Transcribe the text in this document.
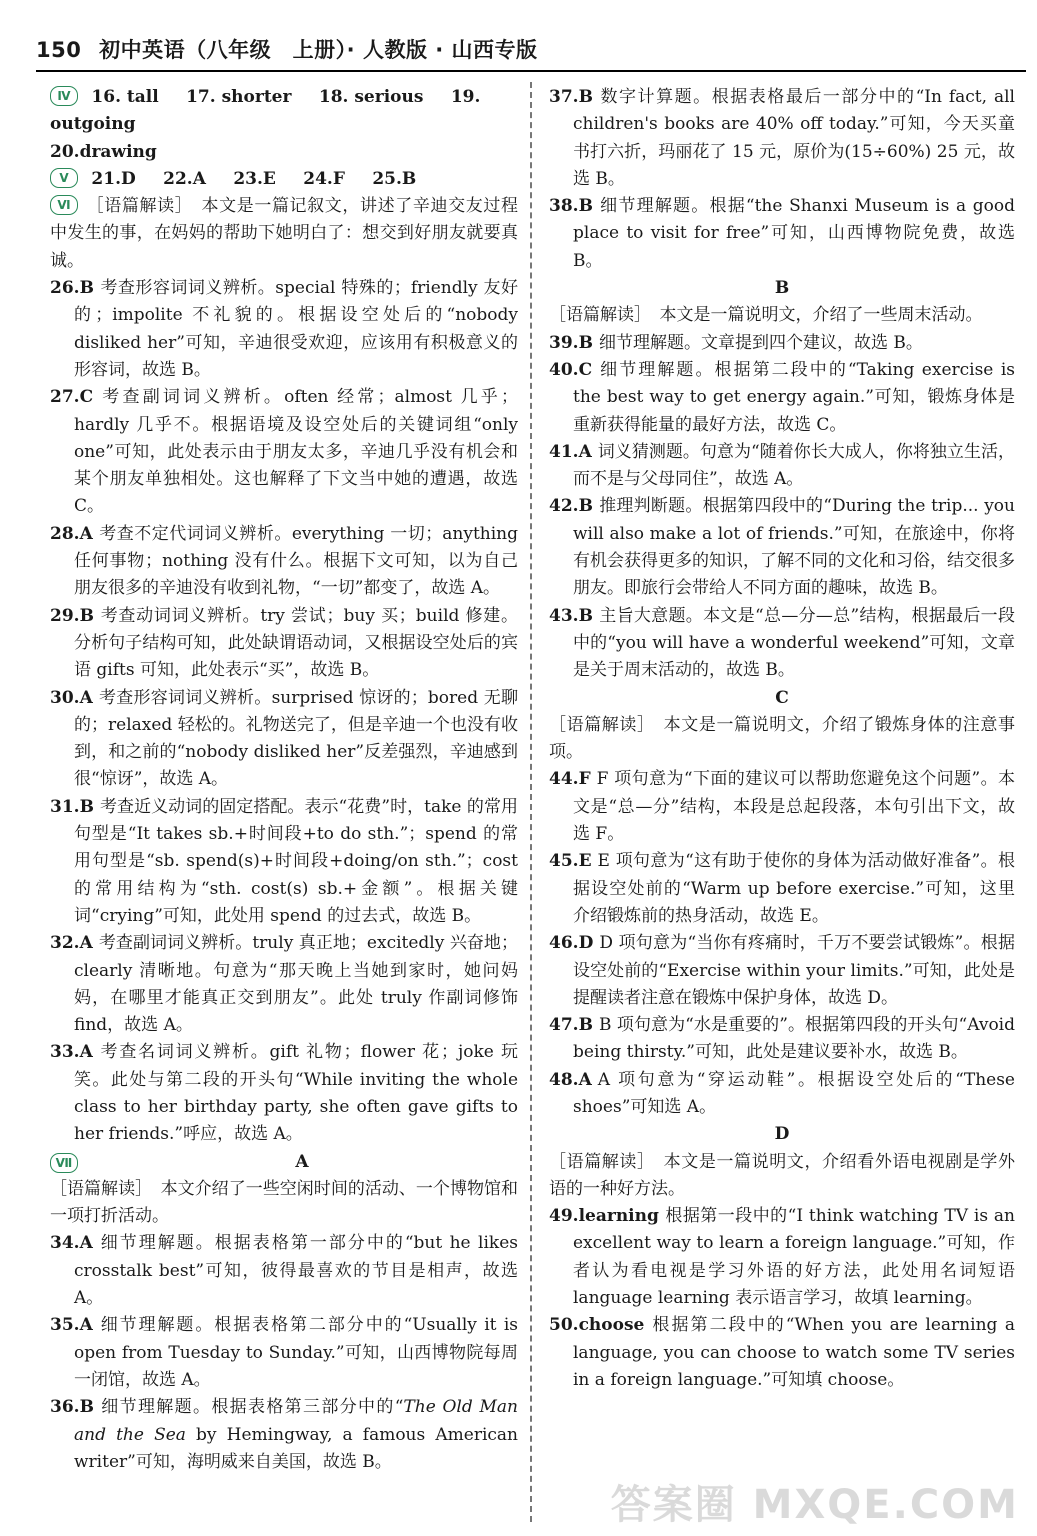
150 初中英语（八年级　上册）· 人教版 · 山西专版
Ⅳ 16. tall 17. shorter 18. serious 19. outgoing
20.drawing
Ⅴ 21.D 22.A 23.E 24.F 25.B
Ⅵ ［语篇解读］　本文是一篇记叙文，讲述了辛迪交友过程中发生的事，在妈妈的帮助下她明白了：想交到好朋友就要真诚。
26.B 考查形容词词义辨析。special 特殊的；friendly 友好的；impolite 不礼貌的。根据设空处后的“nobody disliked her”可知，辛迪很受欢迎，应该用有积极意义的形容词，故选 B。
27.C 考查副词词义辨析。often 经常；almost 几乎；hardly 几乎不。根据语境及设空处后的关键词组“only one”可知，此处表示由于朋友太多，辛迪几乎没有机会和某个朋友单独相处。这也解释了下文当中她的遭遇，故选 C。
28.A 考查不定代词词义辨析。everything 一切；anything 任何事物；nothing 没有什么。根据下文可知，以为自己朋友很多的辛迪没有收到礼物，“一切”都变了，故选 A。
29.B 考查动词词义辨析。try 尝试；buy 买；build 修建。分析句子结构可知，此处缺谓语动词，又根据设空处后的宾语 gifts 可知，此处表示“买”，故选 B。
30.A 考查形容词词义辨析。surprised 惊讶的；bored 无聊的；relaxed 轻松的。礼物送完了，但是辛迪一个也没有收到，和之前的“nobody disliked her”反差强烈，辛迪感到很“惊讶”，故选 A。
31.B 考查近义动词的固定搭配。表示“花费”时，take 的常用句型是“It takes sb.+时间段+to do sth.”；spend 的常用句型是“sb. spend(s)+时间段+doing/on sth.”；cost 的常用结构为“sth. cost(s) sb.+金额”。根据关键词“crying”可知，此处用 spend 的过去式，故选 B。
32.A 考查副词词义辨析。truly 真正地；excitedly 兴奋地；clearly 清晰地。句意为“那天晚上当她到家时，她问妈妈，在哪里才能真正交到朋友”。此处 truly 作副词修饰 find，故选 A。
33.A 考查名词词义辨析。gift 礼物；flower 花；joke 玩笑。此处与第二段的开头句“While inviting the whole class to her birthday party, she often gave gifts to her friends.”呼应，故选 A。
Ⅶ	A
［语篇解读］　本文介绍了一些空闲时间的活动、一个博物馆和一项打折活动。
34.A 细节理解题。根据表格第一部分中的“but he likes crosstalk best”可知，彼得最喜欢的节目是相声，故选 A。
35.A 细节理解题。根据表格第二部分中的“Usually it is open from Tuesday to Sunday.”可知，山西博物院每周一闭馆，故选 A。
36.B 细节理解题。根据表格第三部分中的“The Old Man and the Sea by Hemingway, a famous American writer”可知，海明威来自美国，故选 B。
37.B 数字计算题。根据表格最后一部分中的“In fact, all children's books are 40% off today.”可知，今天买童书打六折，玛丽花了 15 元，原价为(15÷60%) 25 元，故选 B。
38.B 细节理解题。根据“the Shanxi Museum is a good place to visit for free”可知，山西博物院免费，故选 B。
B
［语篇解读］　本文是一篇说明文，介绍了一些周末活动。
39.B 细节理解题。文章提到四个建议，故选 B。
40.C 细节理解题。根据第二段中的“Taking exercise is the best way to get energy again.”可知，锻炼身体是重新获得能量的最好方法，故选 C。
41.A 词义猜测题。句意为“随着你长大成人，你将独立生活，而不是与父母同住”，故选 A。
42.B 推理判断题。根据第四段中的“During the trip... you will also make a lot of friends.”可知，在旅途中，你将有机会获得更多的知识，了解不同的文化和习俗，结交很多朋友。即旅行会带给人不同方面的趣味，故选 B。
43.B 主旨大意题。本文是“总—分—总”结构，根据最后一段中的“you will have a wonderful weekend”可知，文章是关于周末活动的，故选 B。
C
［语篇解读］　本文是一篇说明文，介绍了锻炼身体的注意事项。
44.F F 项句意为“下面的建议可以帮助您避免这个问题”。本文是“总—分”结构，本段是总起段落，本句引出下文，故选 F。
45.E E 项句意为“这有助于使你的身体为活动做好准备”。根据设空处前的“Warm up before exercise.”可知，这里介绍锻炼前的热身活动，故选 E。
46.D D 项句意为“当你有疼痛时，千万不要尝试锻炼”。根据设空处前的“Exercise within your limits.”可知，此处是提醒读者注意在锻炼中保护身体，故选 D。
47.B B 项句意为“水是重要的”。根据第四段的开头句“Avoid being thirsty.”可知，此处是建议要补水，故选 B。
48.A A 项句意为“穿运动鞋”。根据设空处后的“These shoes”可知选 A。
D
［语篇解读］　本文是一篇说明文，介绍看外语电视剧是学外语的一种好方法。
49.learning 根据第一段中的“I think watching TV is an excellent way to learn a foreign language.”可知，作者认为看电视是学习外语的好方法，此处用名词短语 language learning 表示语言学习，故填 learning。
50.choose 根据第二段中的“When you are learning a language, you can choose to watch some TV series in a foreign language.”可知填 choose。
答案圈 MXQE.COM
